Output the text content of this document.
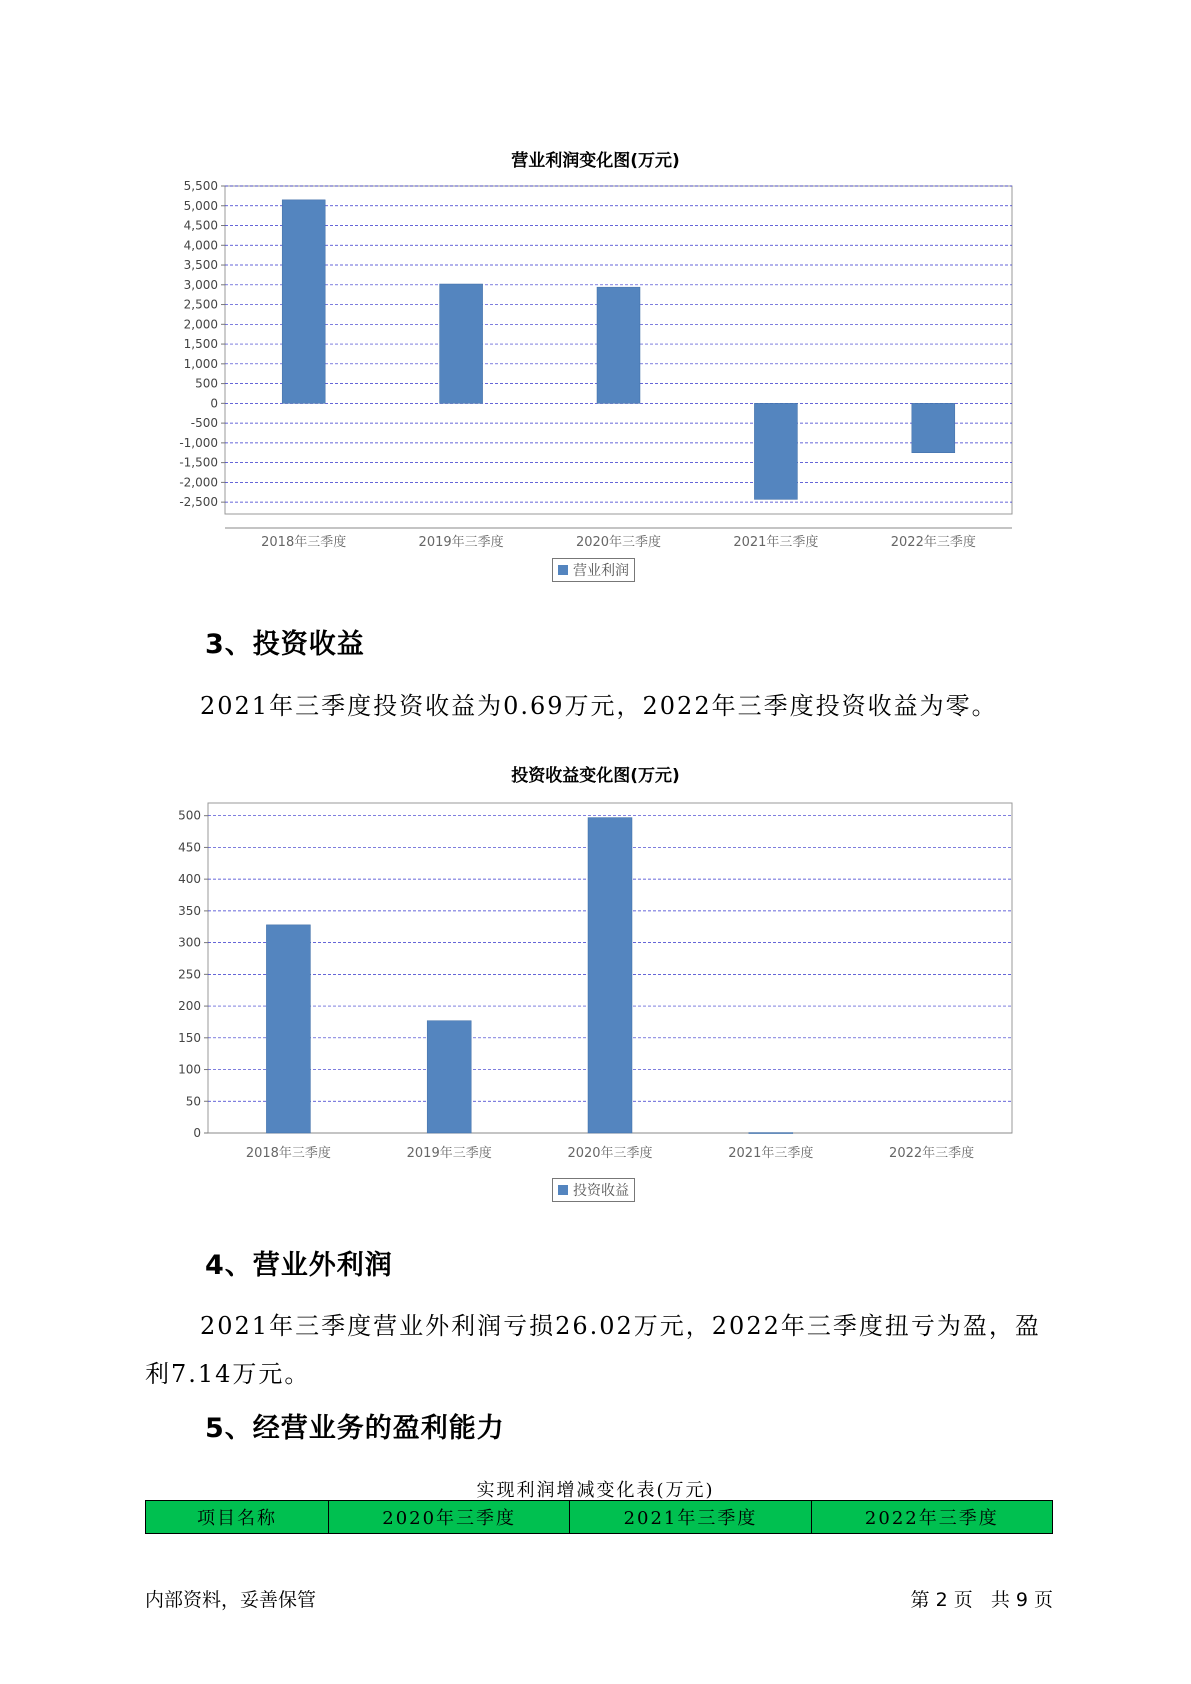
营业利润变化图(万元)
5,500
5,000
4,500
4,000
3,500
3,000
2,500
2,000
1,500
1,000
500
0
-500
-1,000
-1,500
-2,000
-2,500
2018年三季度	2019年三季度	2020年三季度	2021年三季度	2022年三季度
营业利润
3、投资收益

2021年三季度投资收益为0.69万元，2022年三季度投资收益为零。

投资收益变化图(万元)
500
450
400
350
300
250
200
150
100
50
0
2018年三季度	2019年三季度	2020年三季度	2021年三季度	2022年三季度
投资收益
4、营业外利润

2021年三季度营业外利润亏损26.02万元，2022年三季度扭亏为盈，盈利7.14万元。

5、经营业务的盈利能力
实现利润增减变化表(万元)
项目名称	2020年三季度	2021年三季度	2022年三季度
内部资料，妥善保管	第 2 页   共 9 页
